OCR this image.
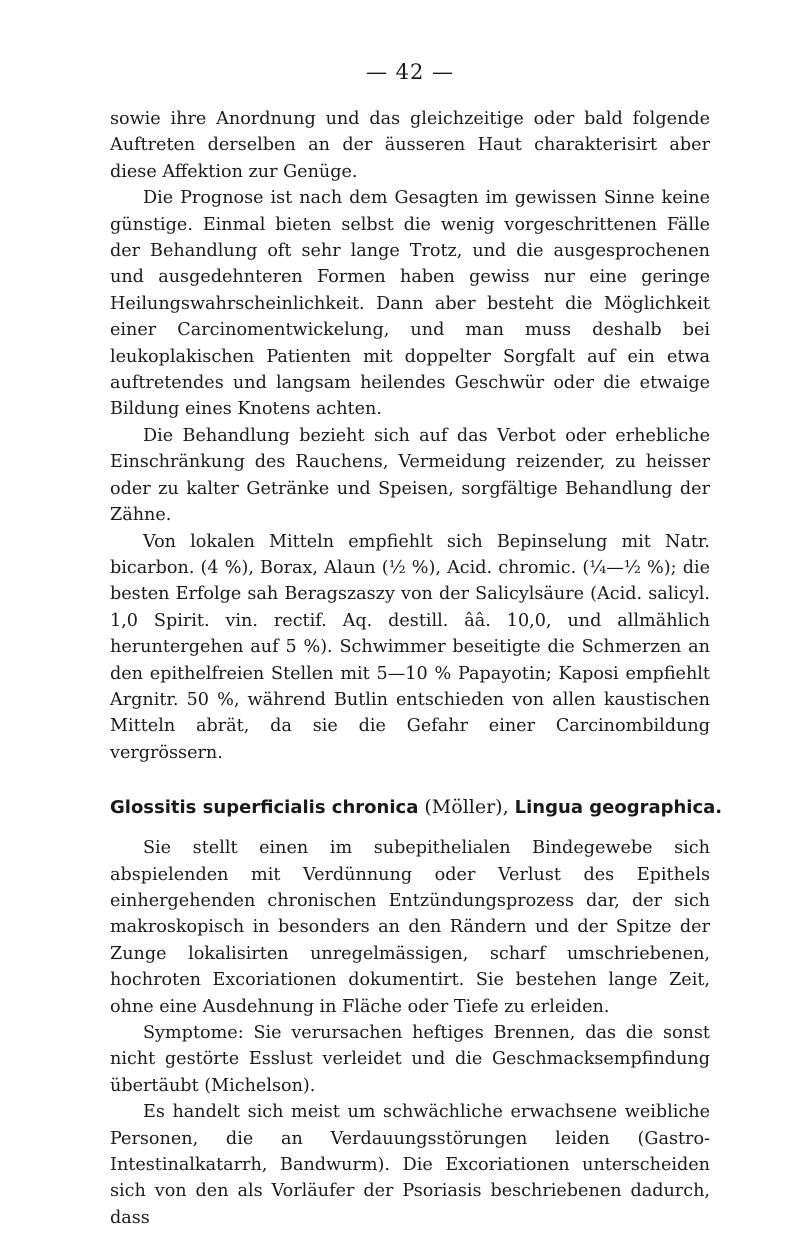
— 42 —

sowie ihre Anordnung und das gleichzeitige oder bald folgende Auftreten derselben an der äusseren Haut charakterisirt aber diese Affektion zur Genüge.

Die Prognose ist nach dem Gesagten im gewissen Sinne keine günstige. Einmal bieten selbst die wenig vorgeschrittenen Fälle der Behandlung oft sehr lange Trotz, und die ausgesprochenen und ausgedehnteren Formen haben gewiss nur eine geringe Heilungswahrscheinlichkeit. Dann aber besteht die Möglichkeit einer Carcinomentwickelung, und man muss deshalb bei leukoplakischen Patienten mit doppelter Sorgfalt auf ein etwa auftretendes und langsam heilendes Geschwür oder die etwaige Bildung eines Knotens achten.

Die Behandlung bezieht sich auf das Verbot oder erhebliche Einschränkung des Rauchens, Vermeidung reizender, zu heisser oder zu kalter Getränke und Speisen, sorgfältige Behandlung der Zähne.

Von lokalen Mitteln empfiehlt sich Bepinselung mit Natr. bicarbon. (4 %), Borax, Alaun (½ %), Acid. chromic. (¼—½ %); die besten Erfolge sah Beragszaszy von der Salicylsäure (Acid. salicyl. 1,0 Spirit. vin. rectif. Aq. destill. ââ. 10,0, und allmählich heruntergehen auf 5 %). Schwimmer beseitigte die Schmerzen an den epithelfreien Stellen mit 5—10 % Papayotin; Kaposi empfiehlt Argnitr. 50 %, während Butlin entschieden von allen kaustischen Mitteln abrät, da sie die Gefahr einer Carcinombildung vergrössern.

Glossitis superficialis chronica (Möller), Lingua geographica.

Sie stellt einen im subepithelialen Bindegewebe sich abspielenden mit Verdünnung oder Verlust des Epithels einhergehenden chronischen Entzündungsprozess dar, der sich makroskopisch in besonders an den Rändern und der Spitze der Zunge lokalisirten unregelmässigen, scharf umschriebenen, hochroten Excoriationen dokumentirt. Sie bestehen lange Zeit, ohne eine Ausdehnung in Fläche oder Tiefe zu erleiden.

Symptome: Sie verursachen heftiges Brennen, das die sonst nicht gestörte Esslust verleidet und die Geschmacksempfindung übertäubt (Michelson).

Es handelt sich meist um schwächliche erwachsene weibliche Personen, die an Verdauungsstörungen leiden (Gastro-Intestinalkatarrh, Bandwurm). Die Excoriationen unterscheiden sich von den als Vorläufer der Psoriasis beschriebenen dadurch, dass
